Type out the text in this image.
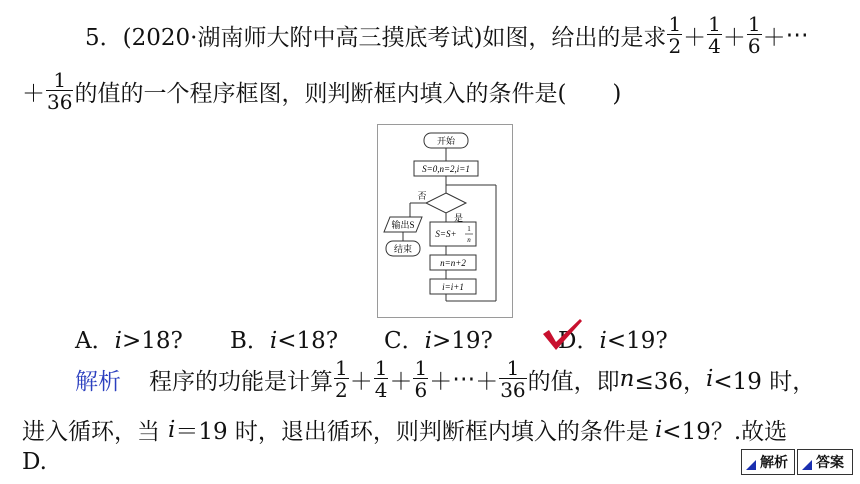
5．(2020·湖南师大附中高三摸底考试)如图，给出的是求 $\frac{1}{2} + \frac{1}{4} + \frac{1}{6}$ ＋ ⋯
＋ $\frac{1}{36}$ 的值的一个程序框图，则判断框内填入的条件是(　　)
开始
S=0,n=2,i=1
否
是
输出S
结束
S=S+ 1
n
n=n+2
i=i+1
A．i>18? B．i<18? C．i>19?	D．i<19?
解析 程序的功能是计算 $\frac{1}{2} + \frac{1}{4} + \frac{1}{6}$ ＋ ⋯ ＋ $\frac{1}{36}$ 的值，即 n ≤36， i <19 时，
进入循环，当 i ＝19 时，退出循环，则判断框内填入的条件是 i <19？.故选
D.	解析 答案
